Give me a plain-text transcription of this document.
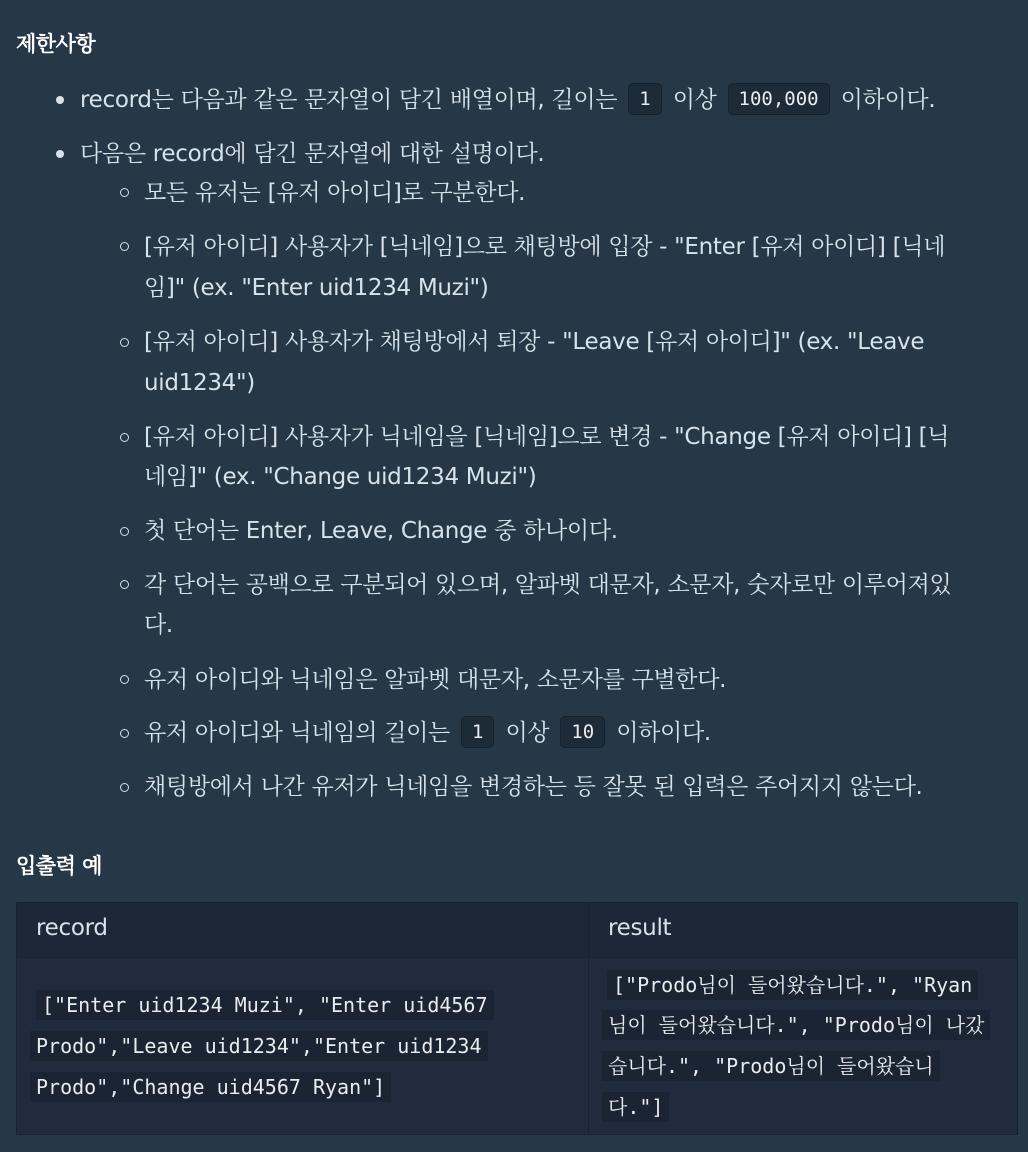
제한사항
record는 다음과 같은 문자열이 담긴 배열이며, 길이는 1 이상 100,000 이하이다.
다음은 record에 담긴 문자열에 대한 설명이다.
모든 유저는 [유저 아이디]로 구분한다.
[유저 아이디] 사용자가 [닉네임]으로 채팅방에 입장 - "Enter [유저 아이디] [닉네
임]" (ex. "Enter uid1234 Muzi")
[유저 아이디] 사용자가 채팅방에서 퇴장 - "Leave [유저 아이디]" (ex. "Leave
uid1234")
[유저 아이디] 사용자가 닉네임을 [닉네임]으로 변경 - "Change [유저 아이디] [닉
네임]" (ex. "Change uid1234 Muzi")
첫 단어는 Enter, Leave, Change 중 하나이다.
각 단어는 공백으로 구분되어 있으며, 알파벳 대문자, 소문자, 숫자로만 이루어져있
다.
유저 아이디와 닉네임은 알파벳 대문자, 소문자를 구별한다.
유저 아이디와 닉네임의 길이는 1 이상 10 이하이다.
채팅방에서 나간 유저가 닉네임을 변경하는 등 잘못 된 입력은 주어지지 않는다.
입출력 예
record	result
["Enter uid1234 Muzi", "Enter uid4567
Prodo","Leave uid1234","Enter uid1234
Prodo","Change uid4567 Ryan"]
["Prodo님이 들어왔습니다.", "Ryan
님이 들어왔습니다.", "Prodo님이 나갔
습니다.", "Prodo님이 들어왔습니
다."]
